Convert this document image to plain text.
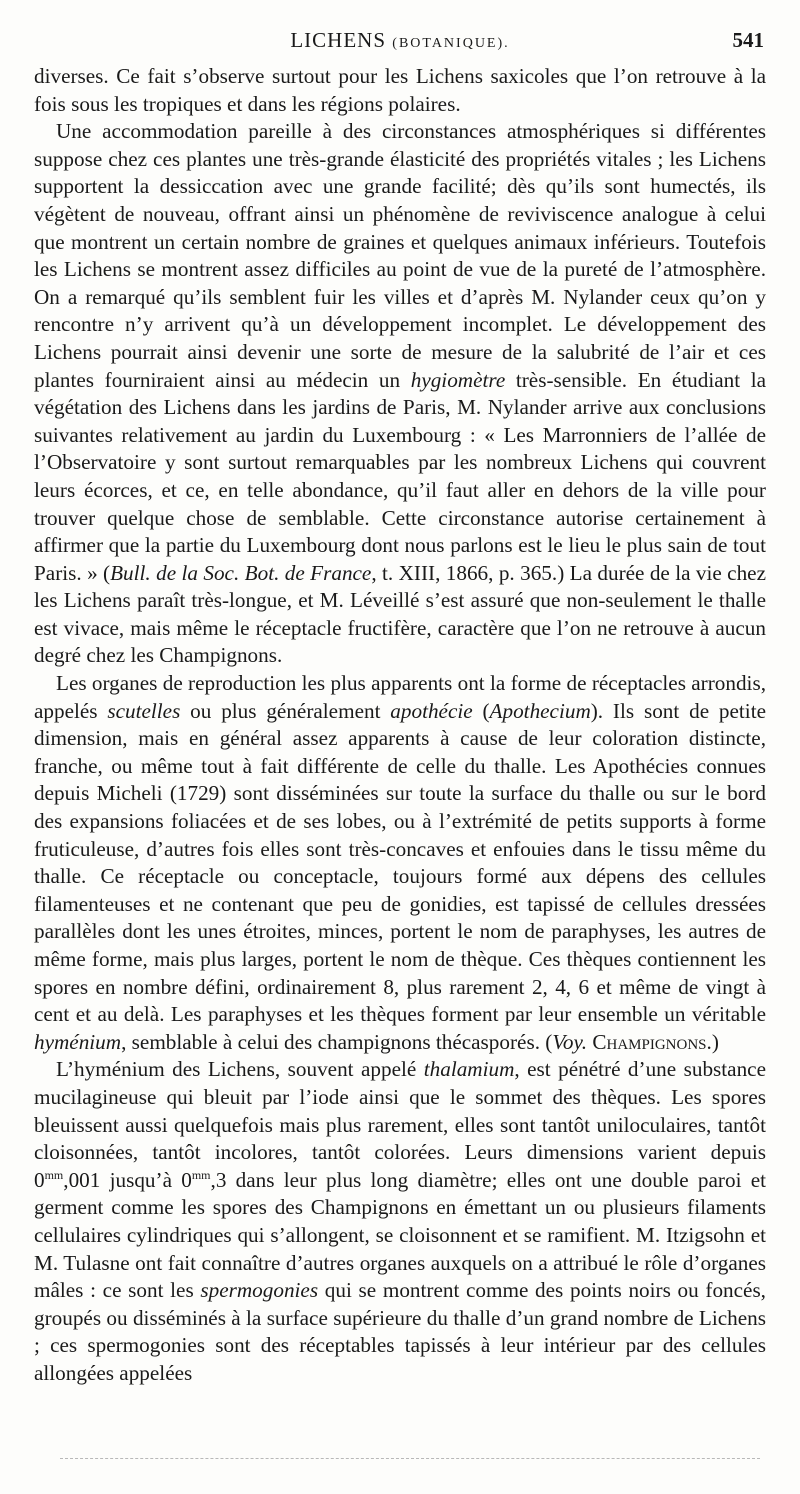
LICHENS (BOTANIQUE).	541

diverses. Ce fait s’observe surtout pour les Lichens saxicoles que l’on retrouve à la fois sous les tropiques et dans les régions polaires.

Une accommodation pareille à des circonstances atmosphériques si différentes suppose chez ces plantes une très-grande élasticité des propriétés vitales ; les Lichens supportent la dessiccation avec une grande facilité; dès qu’ils sont humectés, ils végètent de nouveau, offrant ainsi un phénomène de reviviscence analogue à celui que montrent un certain nombre de graines et quelques animaux inférieurs. Toutefois les Lichens se montrent assez difficiles au point de vue de la pureté de l’atmosphère. On a remarqué qu’ils semblent fuir les villes et d’après M. Nylander ceux qu’on y rencontre n’y arrivent qu’à un développement incomplet. Le développement des Lichens pourrait ainsi devenir une sorte de mesure de la salubrité de l’air et ces plantes fourniraient ainsi au médecin un hygiomètre très-sensible. En étudiant la végétation des Lichens dans les jardins de Paris, M. Nylander arrive aux conclusions suivantes relativement au jardin du Luxembourg : « Les Marronniers de l’allée de l’Observatoire y sont surtout remarquables par les nombreux Lichens qui couvrent leurs écorces, et ce, en telle abondance, qu’il faut aller en dehors de la ville pour trouver quelque chose de semblable. Cette circonstance autorise certainement à affirmer que la partie du Luxembourg dont nous parlons est le lieu le plus sain de tout Paris. » (Bull. de la Soc. Bot. de France, t. XIII, 1866, p. 365.) La durée de la vie chez les Lichens paraît très-longue, et M. Léveillé s’est assuré que non-seulement le thalle est vivace, mais même le réceptacle fructifère, caractère que l’on ne retrouve à aucun degré chez les Champignons.

Les organes de reproduction les plus apparents ont la forme de réceptacles arrondis, appelés scutelles ou plus généralement apothécie (Apothecium). Ils sont de petite dimension, mais en général assez apparents à cause de leur coloration distincte, franche, ou même tout à fait différente de celle du thalle. Les Apothécies connues depuis Micheli (1729) sont disséminées sur toute la surface du thalle ou sur le bord des expansions foliacées et de ses lobes, ou à l’extrémité de petits supports à forme fruticuleuse, d’autres fois elles sont très-concaves et enfouies dans le tissu même du thalle. Ce réceptacle ou conceptacle, toujours formé aux dépens des cellules filamenteuses et ne contenant que peu de gonidies, est tapissé de cellules dressées parallèles dont les unes étroites, minces, portent le nom de paraphyses, les autres de même forme, mais plus larges, portent le nom de thèque. Ces thèques contiennent les spores en nombre défini, ordinairement 8, plus rarement 2, 4, 6 et même de vingt à cent et au delà. Les paraphyses et les thèques forment par leur ensemble un véritable hyménium, semblable à celui des champignons thécasporés. (Voy. Champignons.)

L’hyménium des Lichens, souvent appelé thalamium, est pénétré d’une substance mucilagineuse qui bleuit par l’iode ainsi que le sommet des thèques. Les spores bleuissent aussi quelquefois mais plus rarement, elles sont tantôt uniloculaires, tantôt cloisonnées, tantôt incolores, tantôt colorées. Leurs dimensions varient depuis $0^{mm},001$ jusqu’à $0^{mm},3$ dans leur plus long diamètre; elles ont une double paroi et germent comme les spores des Champignons en émettant un ou plusieurs filaments cellulaires cylindriques qui s’allongent, se cloisonnent et se ramifient. M. Itzigsohn et M. Tulasne ont fait connaître d’autres organes auxquels on a attribué le rôle d’organes mâles : ce sont les spermogonies qui se montrent comme des points noirs ou foncés, groupés ou disséminés à la surface supérieure du thalle d’un grand nombre de Lichens ; ces spermogonies sont des réceptables tapissés à leur intérieur par des cellules allongées appelées
